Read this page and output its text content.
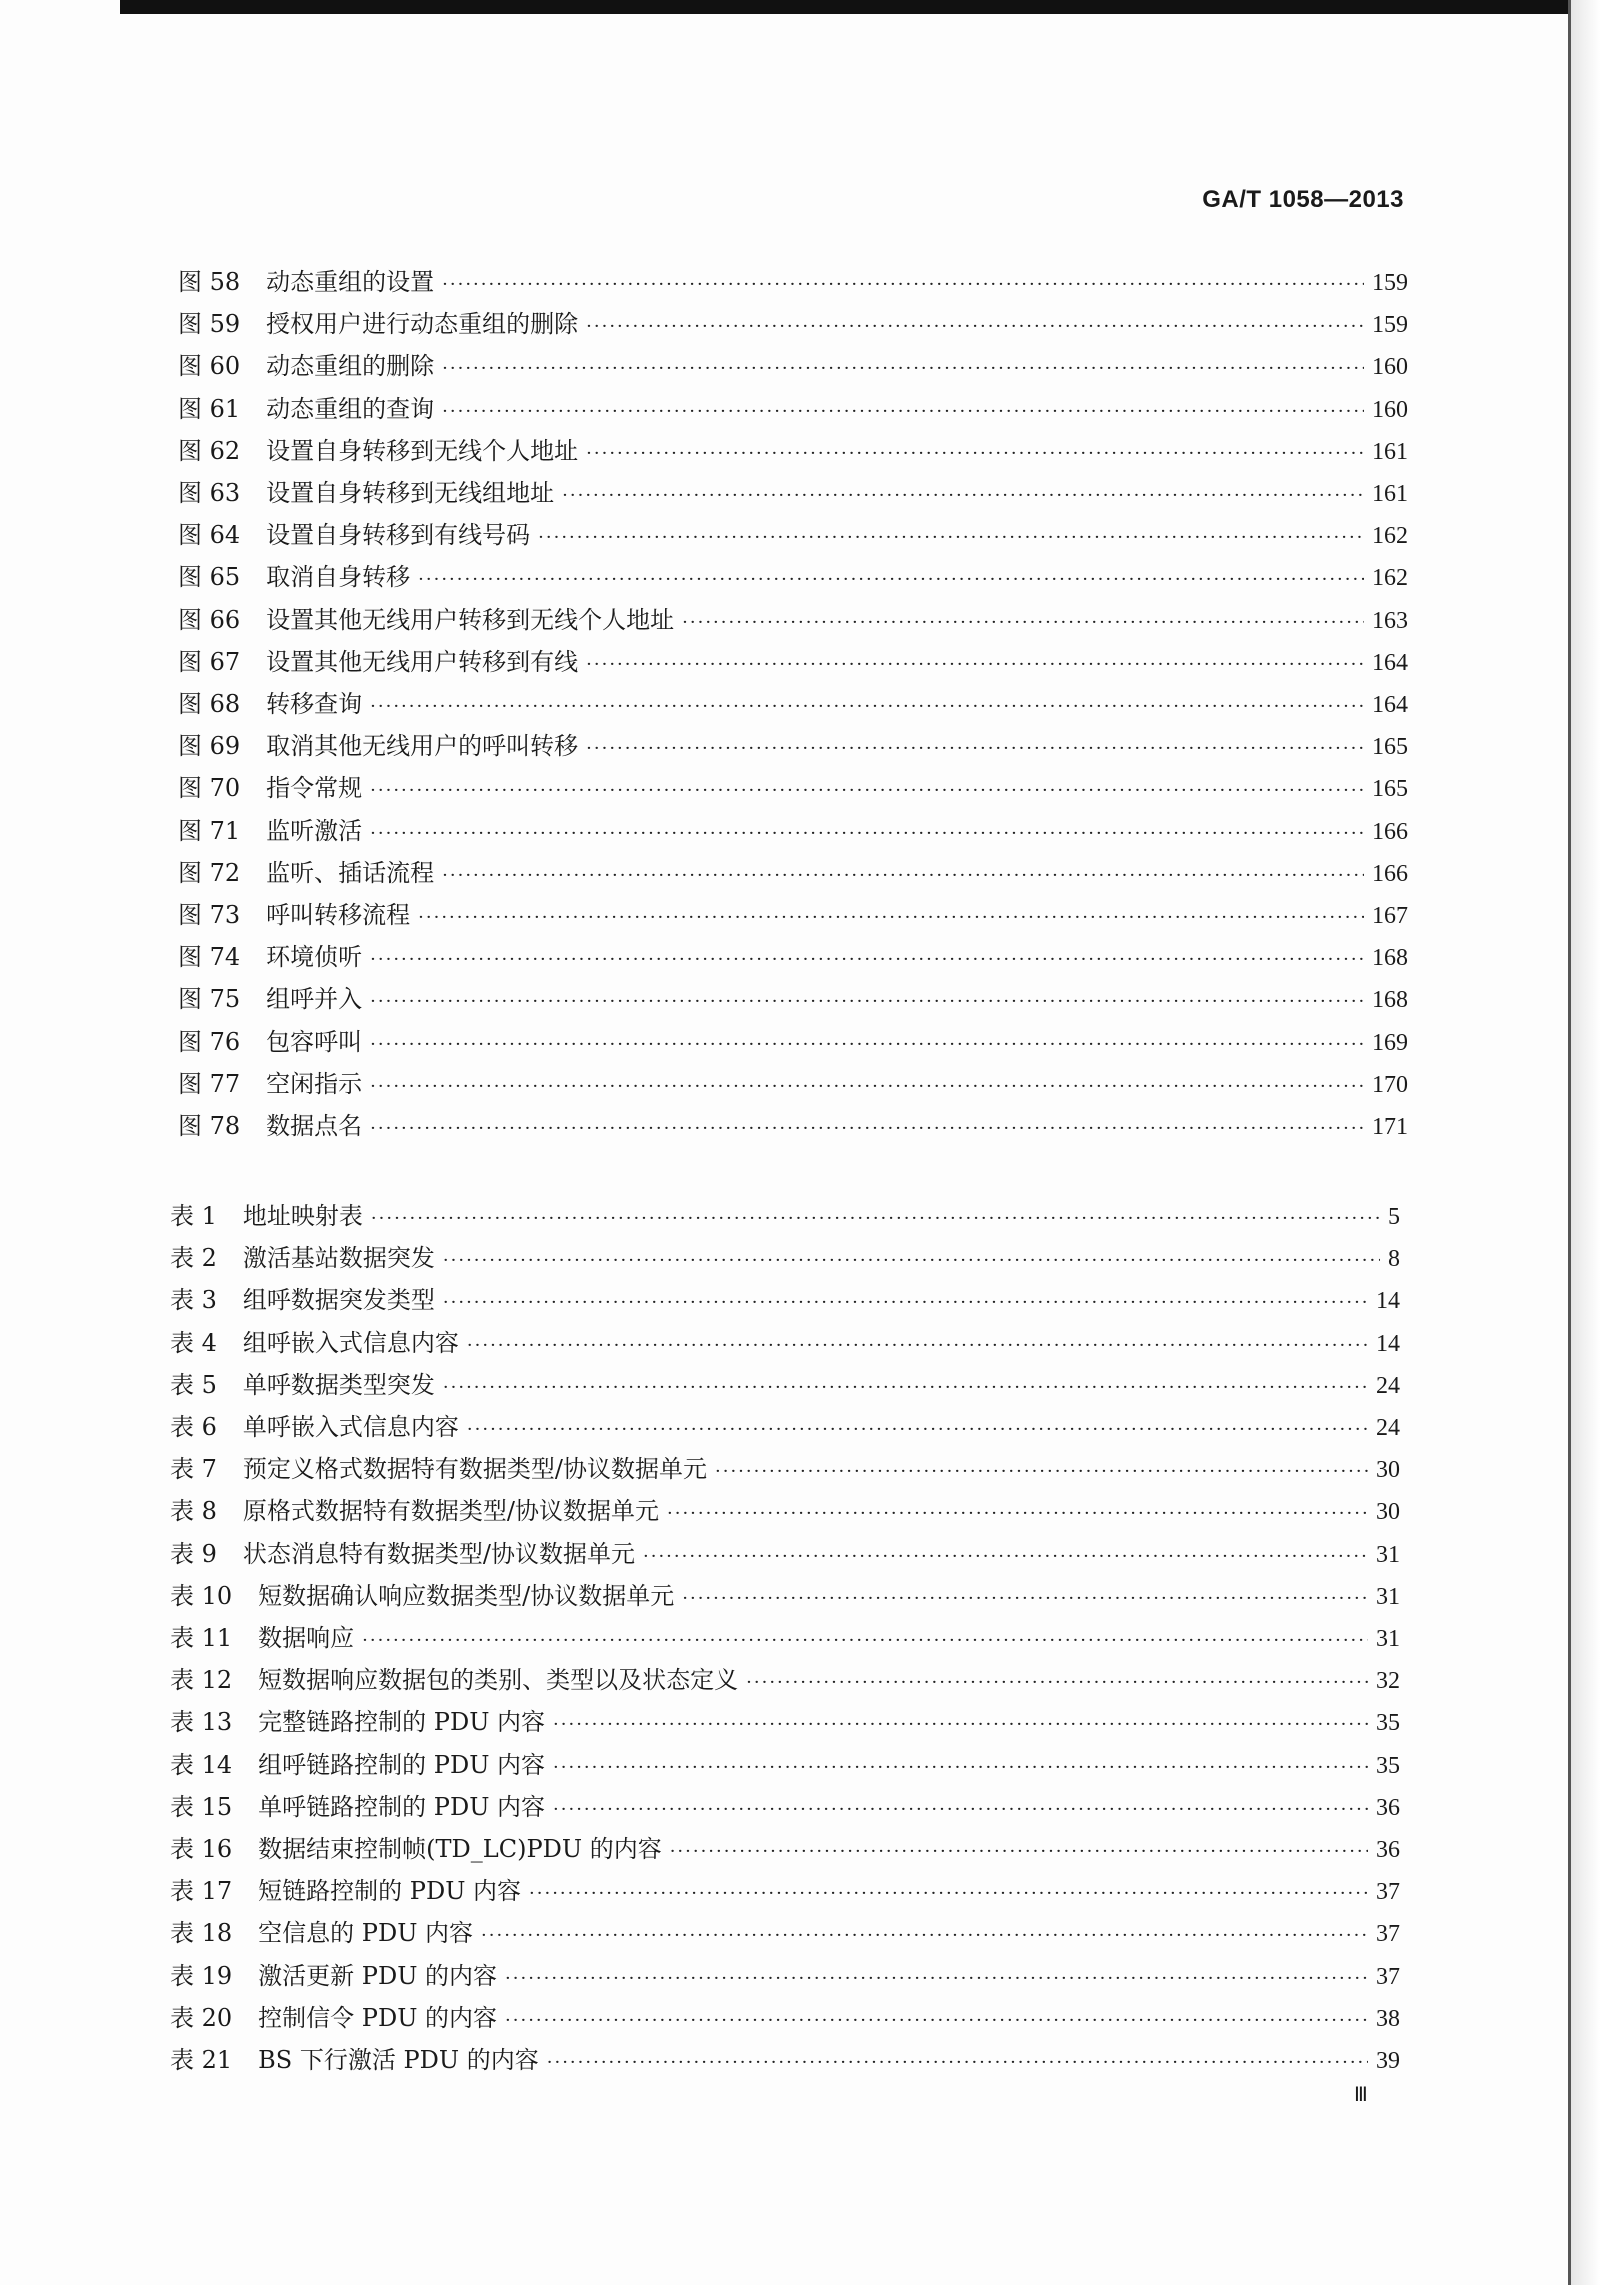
GA/T 1058—2013
图 58	动态重组的设置 ·····	159
图 59	授权用户进行动态重组的删除 ·····	159
图 60	动态重组的删除 ·····	160
图 61	动态重组的查询 ·····	160
图 62	设置自身转移到无线个人地址 ·····	161
图 63	设置自身转移到无线组地址 ·····	161
图 64	设置自身转移到有线号码 ·····	162
图 65	取消自身转移 ·····	162
图 66	设置其他无线用户转移到无线个人地址 ·····	163
图 67	设置其他无线用户转移到有线 ·····	164
图 68	转移查询 ·····	164
图 69	取消其他无线用户的呼叫转移 ·····	165
图 70	指令常规 ·····	165
图 71	监听激活 ·····	166
图 72	监听、插话流程 ·····	166
图 73	呼叫转移流程 ·····	167
图 74	环境侦听 ·····	168
图 75	组呼并入 ·····	168
图 76	包容呼叫 ·····	169
图 77	空闲指示 ·····	170
图 78	数据点名 ·····	171
表 1	地址映射表 ·····	5
表 2	激活基站数据突发 ·····	8
表 3	组呼数据突发类型 ·····	14
表 4	组呼嵌入式信息内容 ·····	14
表 5	单呼数据类型突发 ·····	24
表 6	单呼嵌入式信息内容 ·····	24
表 7	预定义格式数据特有数据类型/协议数据单元 ·····	30
表 8	原格式数据特有数据类型/协议数据单元 ·····	30
表 9	状态消息特有数据类型/协议数据单元 ·····	31
表 10	短数据确认响应数据类型/协议数据单元 ·····	31
表 11	数据响应 ·····	31
表 12	短数据响应数据包的类别、类型以及状态定义 ·····	32
表 13	完整链路控制的 PDU 内容 ·····	35
表 14	组呼链路控制的 PDU 内容 ·····	35
表 15	单呼链路控制的 PDU 内容 ·····	36
表 16	数据结束控制帧(TD_LC)PDU 的内容 ·····	36
表 17	短链路控制的 PDU 内容 ·····	37
表 18	空信息的 PDU 内容 ·····	37
表 19	激活更新 PDU 的内容 ·····	37
表 20	控制信令 PDU 的内容 ·····	38
表 21	BS 下行激活 PDU 的内容 ·····	39
Ⅲ
